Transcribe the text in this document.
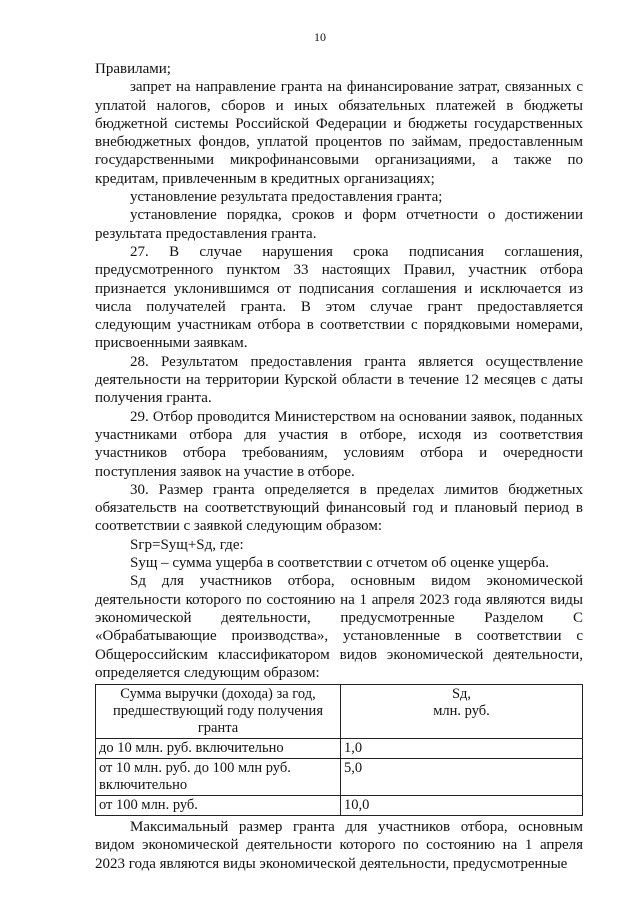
10

Правилами;

запрет на направление гранта на финансирование затрат, связанных с уплатой налогов, сборов и иных обязательных платежей в бюджеты бюджетной системы Российской Федерации и бюджеты государственных внебюджетных фондов, уплатой процентов по займам, предоставленным государственными микрофинансовыми организациями, а также по кредитам, привлеченным в кредитных организациях;

установление результата предоставления гранта;

установление порядка, сроков и форм отчетности о достижении результата предоставления гранта.

27. В случае нарушения срока подписания соглашения, предусмотренного пунктом 33 настоящих Правил, участник отбора признается уклонившимся от подписания соглашения и исключается из числа получателей гранта. В этом случае грант предоставляется следующим участникам отбора в соответствии с порядковыми номерами, присвоенными заявкам.

28. Результатом предоставления гранта является осуществление деятельности на территории Курской области в течение 12 месяцев с даты получения гранта.

29. Отбор проводится Министерством на основании заявок, поданных участниками отбора для участия в отборе, исходя из соответствия участников отбора требованиям, условиям отбора и очередности поступления заявок на участие в отборе.

30. Размер гранта определяется в пределах лимитов бюджетных обязательств на соответствующий финансовый год и плановый период в соответствии с заявкой следующим образом:

Sгр=Sущ+Sд, где:

Sущ – сумма ущерба в соответствии с отчетом об оценке ущерба.

Sд для участников отбора, основным видом экономической деятельности которого по состоянию на 1 апреля 2023 года являются виды экономической деятельности, предусмотренные Разделом С «Обрабатывающие производства», установленные в соответствии с Общероссийским классификатором видов экономической деятельности, определяется следующим образом:

Сумма выручки (дохода) за год, предшествующий году получения гранта	Sд,
млн. руб.

до 10 млн. руб. включительно	1,0
от 10 млн. руб. до 100 млн руб. включительно	5,0
от 100 млн. руб.	10,0

Максимальный размер гранта для участников отбора, основным видом экономической деятельности которого по состоянию на 1 апреля 2023 года являются виды экономической деятельности, предусмотренные
